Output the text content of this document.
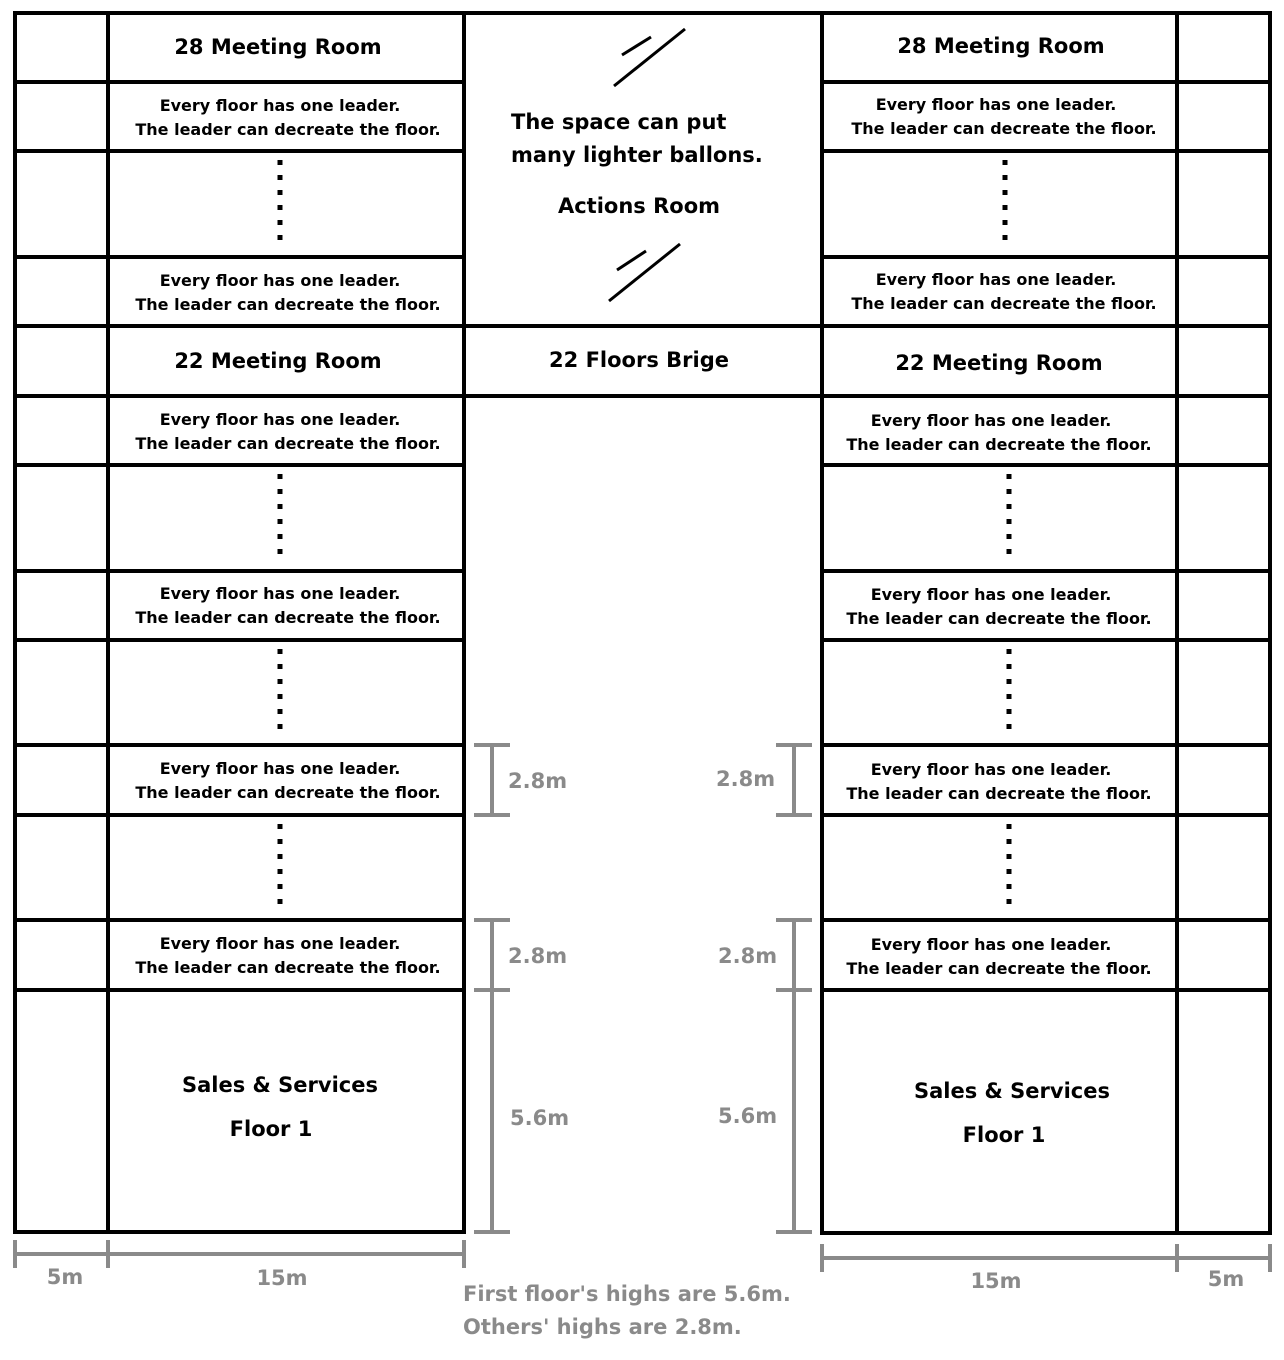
28 Meeting Room
Every floor has one leader.
The leader can decreate the floor.
Every floor has one leader.
The leader can decreate the floor.
22 Meeting Room
Every floor has one leader.
The leader can decreate the floor.
Every floor has one leader.
The leader can decreate the floor.
Every floor has one leader.
The leader can decreate the floor.
Every floor has one leader.
The leader can decreate the floor.
Sales & Services
Floor 1
The space can put
many lighter ballons.
Actions Room
22 Floors Brige
28 Meeting Room
Every floor has one leader.
The leader can decreate the floor.
Every floor has one leader.
The leader can decreate the floor.
22 Meeting Room
Every floor has one leader.
The leader can decreate the floor.
Every floor has one leader.
The leader can decreate the floor.
Every floor has one leader.
The leader can decreate the floor.
Every floor has one leader.
The leader can decreate the floor.
Sales & Services
Floor 1
2.8m
2.8m
5.6m
2.8m
2.8m
5.6m
5m	15m	15m	5m
First floor's highs are 5.6m.
Others' highs are 2.8m.
